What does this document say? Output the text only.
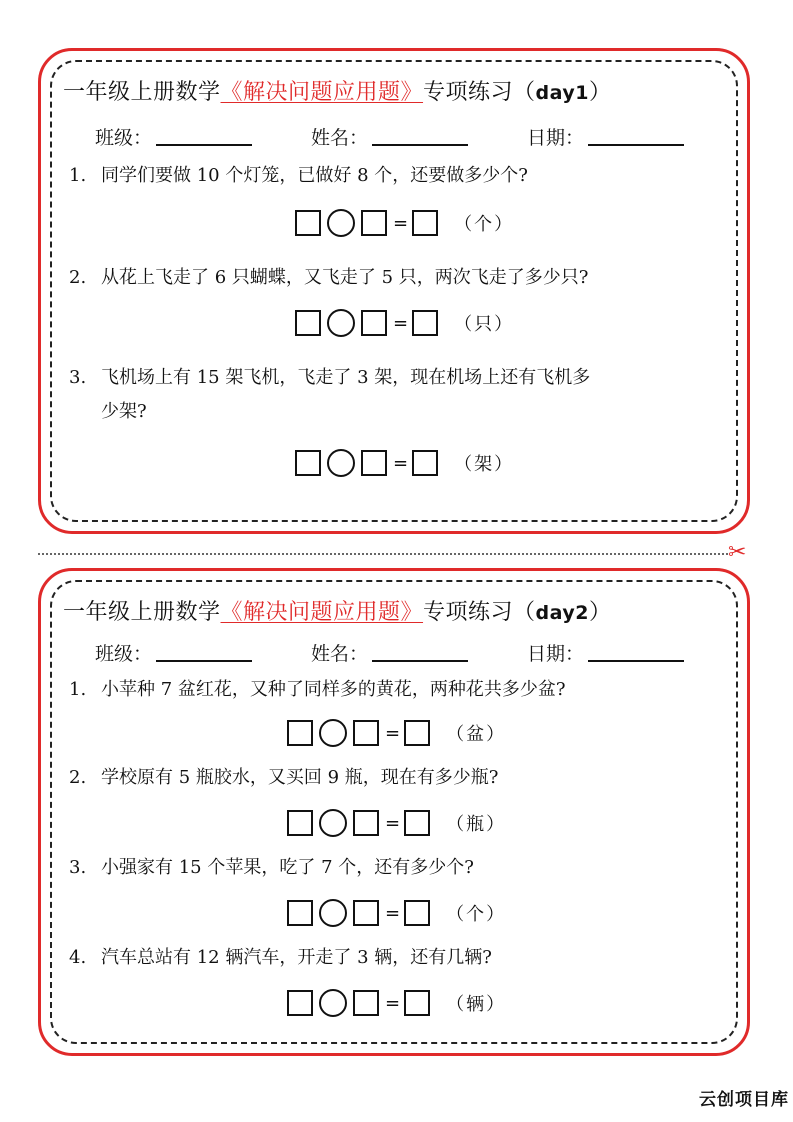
一年级上册数学《解决问题应用题》专项练习（day1）
班级：	姓名：	日期：
1. 同学们要做 10 个灯笼，已做好 8 个，还要做多少个?
=	（个）
2. 从花上飞走了 6 只蝴蝶，又飞走了 5 只，两次飞走了多少只?
=	（只）
3. 飞机场上有 15 架飞机，飞走了 3 架，现在机场上还有飞机多
少架?
=	（架）
✂
一年级上册数学《解决问题应用题》专项练习（day2）
班级：	姓名：	日期：
1. 小苹种 7 盆红花，又种了同样多的黄花，两种花共多少盆?
=	（盆）
2. 学校原有 5 瓶胶水，又买回 9 瓶，现在有多少瓶?
=	（瓶）
3. 小强家有 15 个苹果，吃了 7 个，还有多少个?
=	（个）
4. 汽车总站有 12 辆汽车，开走了 3 辆，还有几辆?
=	（辆）
云创项目库
